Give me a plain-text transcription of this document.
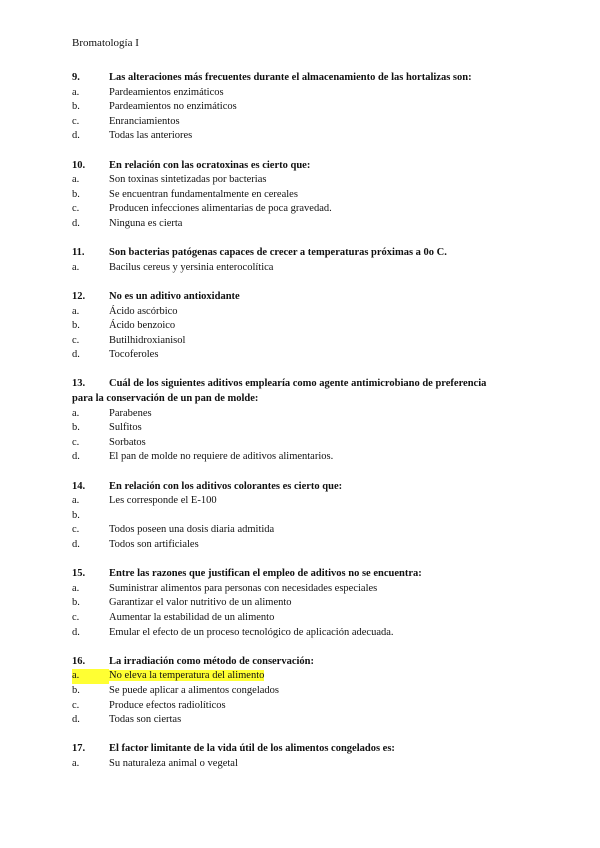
Bromatología I
9.	Las alteraciones más frecuentes durante el almacenamiento de las hortalizas son:
a.	Pardeamientos enzimáticos
b.	Pardeamientos no enzimáticos
c.	Enranciamientos
d.	Todas las anteriores
10.	En relación con las ocratoxinas es cierto que:
a.	Son toxinas sintetizadas por bacterias
b.	Se encuentran fundamentalmente en cereales
c.	Producen infecciones alimentarias de poca gravedad.
d.	Ninguna es cierta
11.	Son bacterias patógenas capaces de crecer a temperaturas próximas a 0o C.
a.	Bacilus cereus y yersinia enterocolítica
12.	No es un aditivo antioxidante
a.	Ácido ascórbico
b.	Ácido benzoico
c.	Butilhidroxianisol
d.	Tocoferoles
13.	Cuál de los siguientes aditivos emplearía como agente antimicrobiano de preferencia
para la conservación de un pan de molde:
a.	Parabenes
b.	Sulfitos
c.	Sorbatos
d.	El pan de molde no requiere de aditivos alimentarios.
14.	En relación con los aditivos colorantes es cierto que:
a.	Les corresponde el E-100
b.
c.	Todos poseen una dosis diaria admitida
d.	Todos son artificiales
15.	Entre las razones que justifican el empleo de aditivos no se encuentra:
a.	Suministrar alimentos para personas con necesidades especiales
b.	Garantizar el valor nutritivo de un alimento
c.	Aumentar la estabilidad de un alimento
d.	Emular el efecto de un proceso tecnológico de aplicación adecuada.
16.	La irradiación como método de conservación:
a.	No eleva la temperatura del alimento
b.	Se puede aplicar a alimentos congelados
c.	Produce efectos radiolíticos
d.	Todas son ciertas
17.	El factor limitante de la vida útil de los alimentos congelados es:
a.	Su naturaleza animal o vegetal
